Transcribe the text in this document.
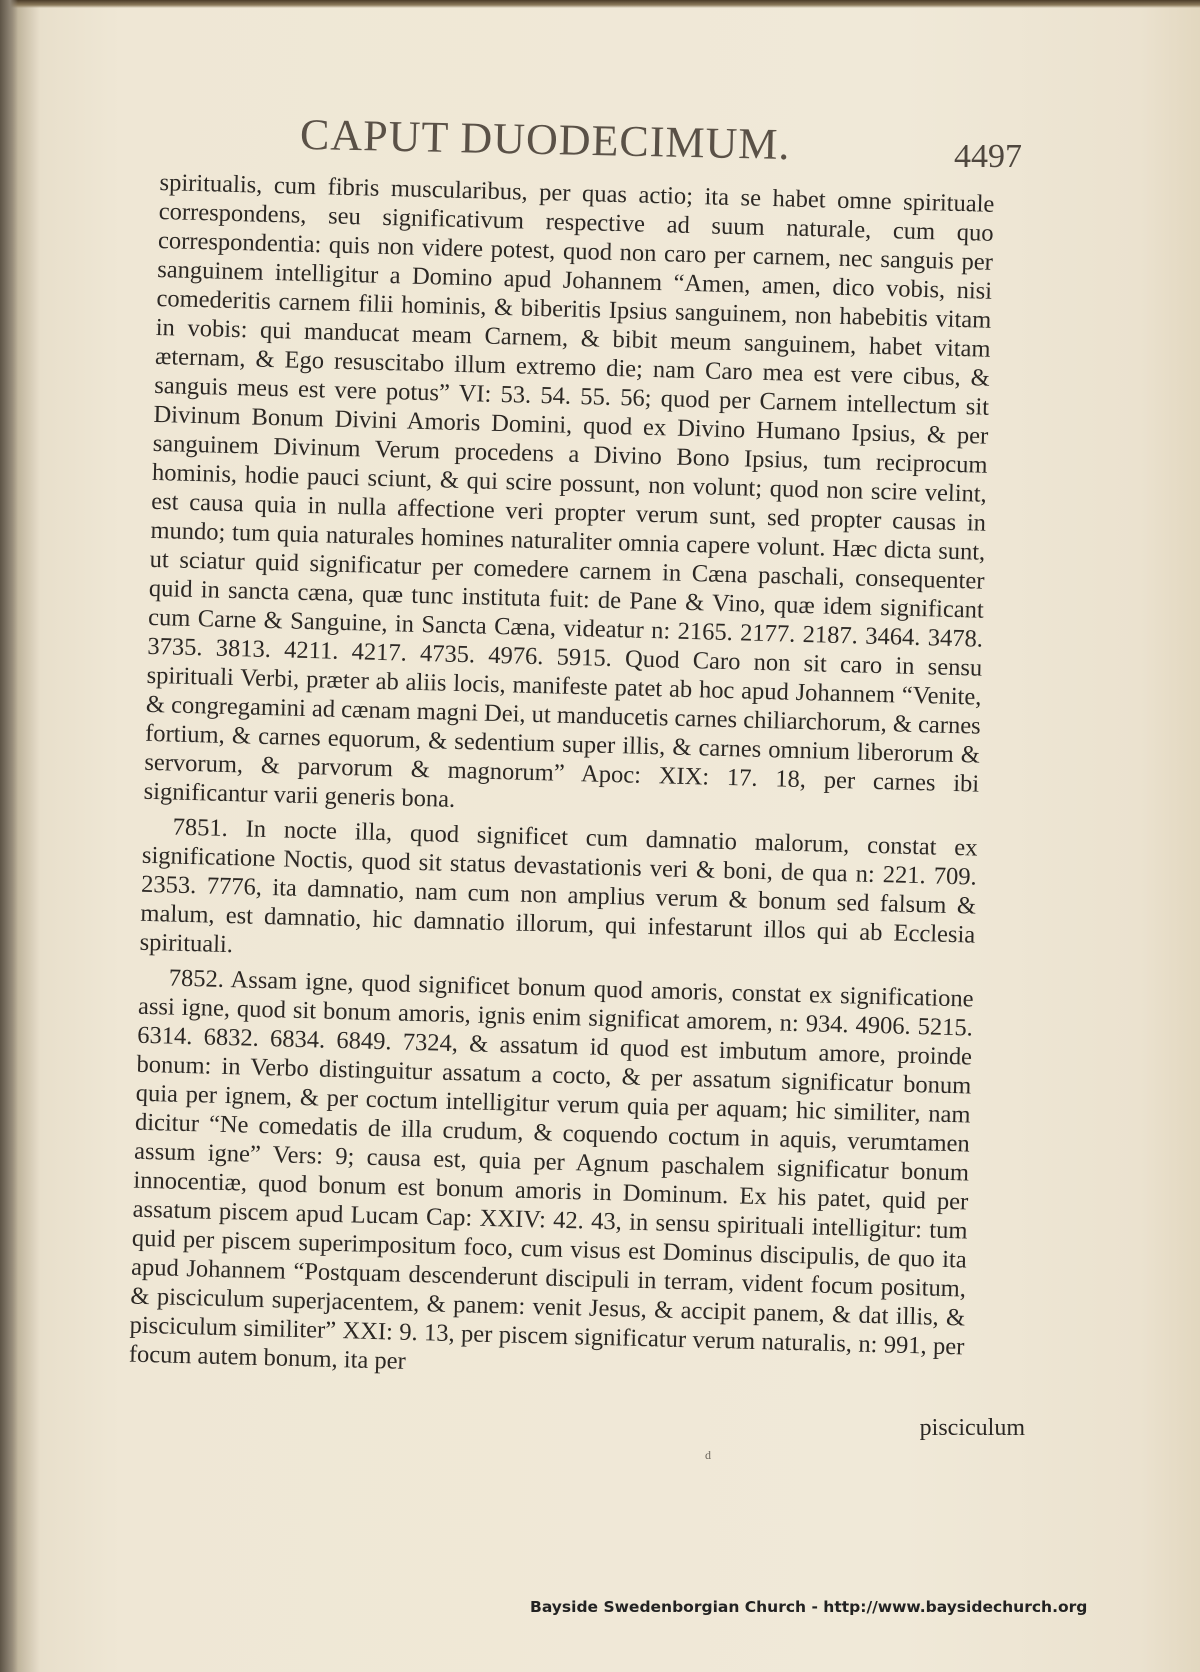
CAPUT DUODECIMUM.	4497

spiritualis, cum fibris muscularibus, per quas actio; ita se habet omne spirituale correspondens, seu significativum respective ad suum naturale, cum quo correspondentia: quis non videre potest, quod non caro per carnem, nec sanguis per sanguinem intelligitur a Domino apud Johannem “Amen, amen, dico vobis, nisi comederitis carnem filii hominis, & biberitis Ipsius sanguinem, non habebitis vitam in vobis: qui manducat meam Carnem, & bibit meum sanguinem, habet vitam æternam, & Ego resuscitabo illum extremo die; nam Caro mea est vere cibus, & sanguis meus est vere potus” VI: 53. 54. 55. 56; quod per Carnem intellectum sit Divinum Bonum Divini Amoris Domini, quod ex Divino Humano Ipsius, & per sanguinem Divinum Verum procedens a Divino Bono Ipsius, tum reciprocum hominis, hodie pauci sciunt, & qui scire possunt, non volunt; quod non scire velint, est causa quia in nulla affectione veri propter verum sunt, sed propter causas in mundo; tum quia naturales homines naturaliter omnia capere volunt. Hæc dicta sunt, ut sciatur quid significatur per comedere carnem in Cæna paschali, consequenter quid in sancta cæna, quæ tunc instituta fuit: de Pane & Vino, quæ idem significant cum Carne & Sanguine, in Sancta Cæna, videatur n: 2165. 2177. 2187. 3464. 3478. 3735. 3813. 4211. 4217. 4735. 4976. 5915. Quod Caro non sit caro in sensu spirituali Verbi, præter ab aliis locis, manifeste patet ab hoc apud Johannem “Venite, & congregamini ad cænam magni Dei, ut manducetis carnes chiliarchorum, & carnes fortium, & carnes equorum, & sedentium super illis, & carnes omnium liberorum & servorum, & parvorum & magnorum” Apoc: XIX: 17. 18, per carnes ibi significantur varii generis bona.

7851. In nocte illa, quod significet cum damnatio malorum, constat ex significatione Noctis, quod sit status devastationis veri & boni, de qua n: 221. 709. 2353. 7776, ita damnatio, nam cum non amplius verum & bonum sed falsum & malum, est damnatio, hic damnatio illorum, qui infestarunt illos qui ab Ecclesia spirituali.

7852. Assam igne, quod significet bonum quod amoris, constat ex significatione assi igne, quod sit bonum amoris, ignis enim significat amorem, n: 934. 4906. 5215. 6314. 6832. 6834. 6849. 7324, & assatum id quod est imbutum amore, proinde bonum: in Verbo distinguitur assatum a cocto, & per assatum significatur bonum quia per ignem, & per coctum intelligitur verum quia per aquam; hic similiter, nam dicitur “Ne comedatis de illa crudum, & coquendo coctum in aquis, verumtamen assum igne” Vers: 9; causa est, quia per Agnum paschalem significatur bonum innocentiæ, quod bonum est bonum amoris in Dominum. Ex his patet, quid per assatum piscem apud Lucam Cap: XXIV: 42. 43, in sensu spirituali intelligitur: tum quid per piscem superimpositum foco, cum visus est Dominus discipulis, de quo ita apud Johannem “Postquam descenderunt discipuli in terram, vident focum positum, & pisciculum superjacentem, & panem: venit Jesus, & accipit panem, & dat illis, & pisciculum similiter” XXI: 9. 13, per piscem significatur verum naturalis, n: 991, per focum autem bonum, ita per

pisciculum
d
Bayside Swedenborgian Church - http://www.baysidechurch.org
